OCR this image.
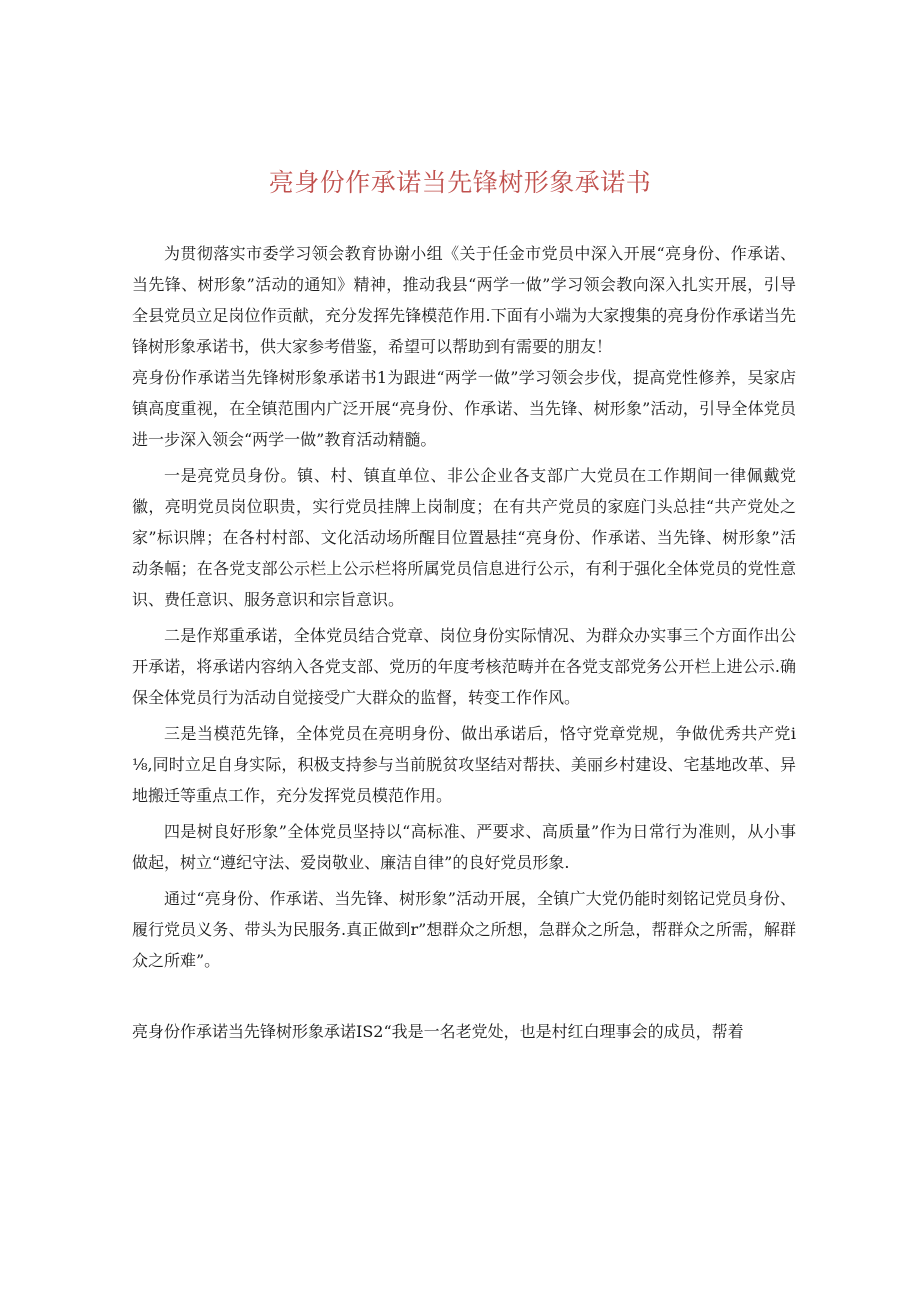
亮身份作承诺当先锋树形象承诺书

为贯彻落实市委学习领会教育协谢小组《关于任金市党员中深入开展“亮身份、作承诺、当先锋、树形象”活动的通知》精神，推动我县“两学一做”学习领会教向深入扎实开展，引导全县党员立足岗位作贡献，充分发挥先锋模范作用.下面有小端为大家搜集的亮身份作承诺当先锋树形象承诺书，供大家参考借鉴，希望可以帮助到有需要的朋友！

亮身份作承诺当先锋树形象承诺书1为跟进“两学一做”学习领会步伐，提高党性修养，吴家店镇高度重视，在全镇范围内广泛开展“亮身份、作承诺、当先锋、树形象”活动，引导全体党员进一步深入领会“两学一做”教育活动精髓。

一是亮党员身份。镇、村、镇直单位、非公企业各支部广大党员在工作期间一律佩戴党徽，亮明党员岗位职贵，实行党员挂牌上岗制度；在有共产党员的家庭门头总挂“共产党处之家”标识牌；在各村村部、文化活动场所醒目位置悬挂“亮身份、作承诺、当先锋、树形象”活动条幅；在各党支部公示栏上公示栏将所属党员信息进行公示，有利于强化全体党员的党性意识、费任意识、服务意识和宗旨意识。

二是作郑重承诺，全体党员结合党章、岗位身份实际情况、为群众办实事三个方面作出公开承诺，将承诺内容纳入各党支部、党历的年度考核范畴并在各党支部党务公开栏上进公示.确保全体党员行为活动自觉接受广大群众的监督，转变工作作风。

三是当模范先锋，全体党员在亮明身份、做出承诺后，恪守党章党规，争做优秀共产党i⅛,同时立足自身实际，积极支持参与当前脱贫攻坚结对帮扶、美丽乡村建设、宅基地改革、异地搬迁等重点工作，充分发挥党员模范作用。

四是树良好形象”全体党员坚持以“高标准、严要求、高质量”作为日常行为准则，从小事做起，树立“遵纪守法、爱岗敬业、廉洁自律”的良好党员形象.

通过“亮身份、作承诺、当先锋、树形象”活动开展，全镇广大党仍能时刻铭记党员身份、履行党员义务、带头为民服务.真正做到r”想群众之所想，急群众之所急，帮群众之所需，解群众之所难”。

亮身份作承诺当先锋树形象承诺IS2“我是一名老党处，也是村红白理事会的成员，帮着
